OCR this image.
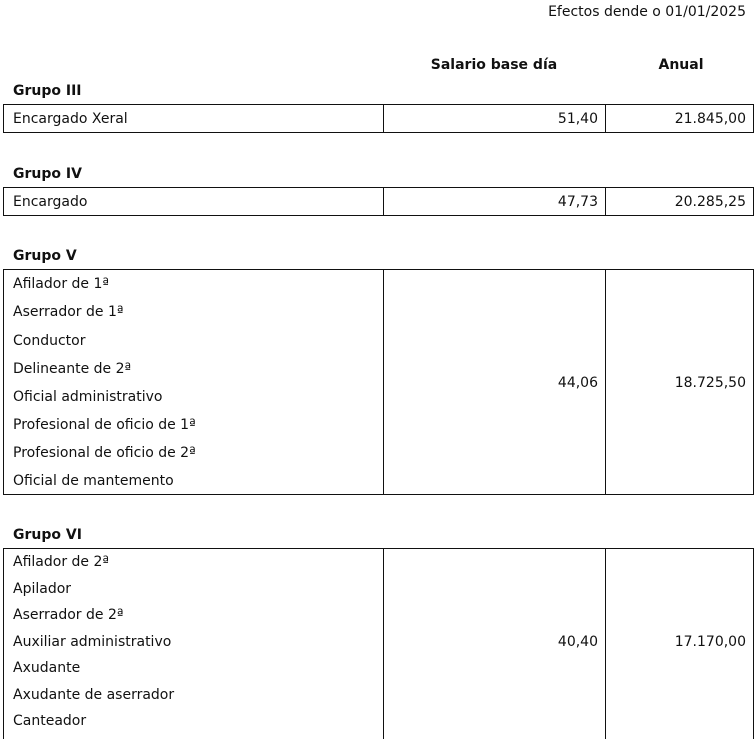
Efectos dende o 01/01/2025
Salario base día	Anual
Grupo III
Encargado Xeral	51,40	21.845,00
Grupo IV
Encargado	47,73	20.285,25
Grupo V
Afilador de 1ª
Aserrador de 1ª
Conductor
Delineante de 2ª
Oficial administrativo
Profesional de oficio de 1ª
Profesional de oficio de 2ª
Oficial de mantemento
44,06	18.725,50
Grupo VI
Afilador de 2ª
Apilador
Aserrador de 2ª
Auxiliar administrativo
Axudante
Axudante de aserrador
Canteador
40,40	17.170,00
